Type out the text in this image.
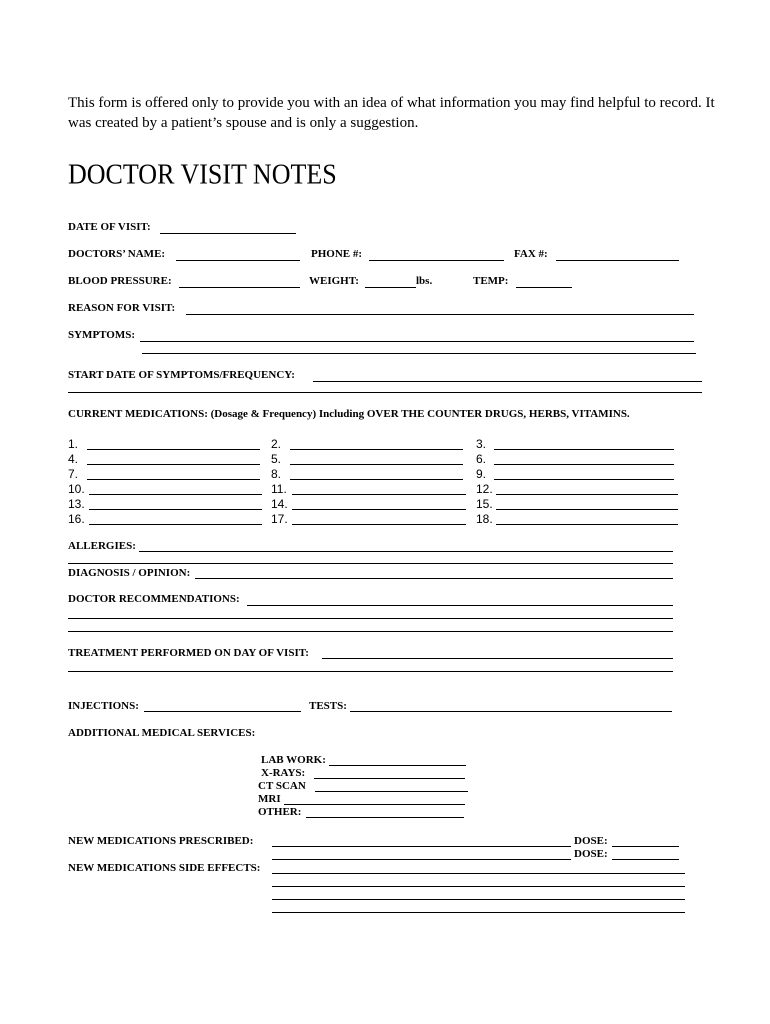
This form is offered only to provide you with an idea of what information you may find helpful to record. It was created by a patient’s spouse and is only a suggestion.
DOCTOR VISIT NOTES
DATE OF VISIT:
DOCTORS’ NAME:	PHONE #:	FAX #:
BLOOD PRESSURE:	WEIGHT:	lbs.	TEMP:
REASON FOR VISIT:
SYMPTOMS:
START DATE OF SYMPTOMS/FREQUENCY:
CURRENT MEDICATIONS: (Dosage & Frequency) Including OVER THE COUNTER DRUGS, HERBS, VITAMINS.
1.	2.	3.
4.	5.	6.
7.	8.	9.
10.	11.	12.
13.	14.	15.
16.	17.	18.
ALLERGIES:
DIAGNOSIS / OPINION:
DOCTOR RECOMMENDATIONS:
TREATMENT PERFORMED ON DAY OF VISIT:
INJECTIONS:	TESTS:
ADDITIONAL MEDICAL SERVICES:
LAB WORK:
X-RAYS:
CT SCAN
MRI
OTHER:
NEW MEDICATIONS PRESCRIBED:	DOSE:
DOSE:
NEW MEDICATIONS SIDE EFFECTS:
